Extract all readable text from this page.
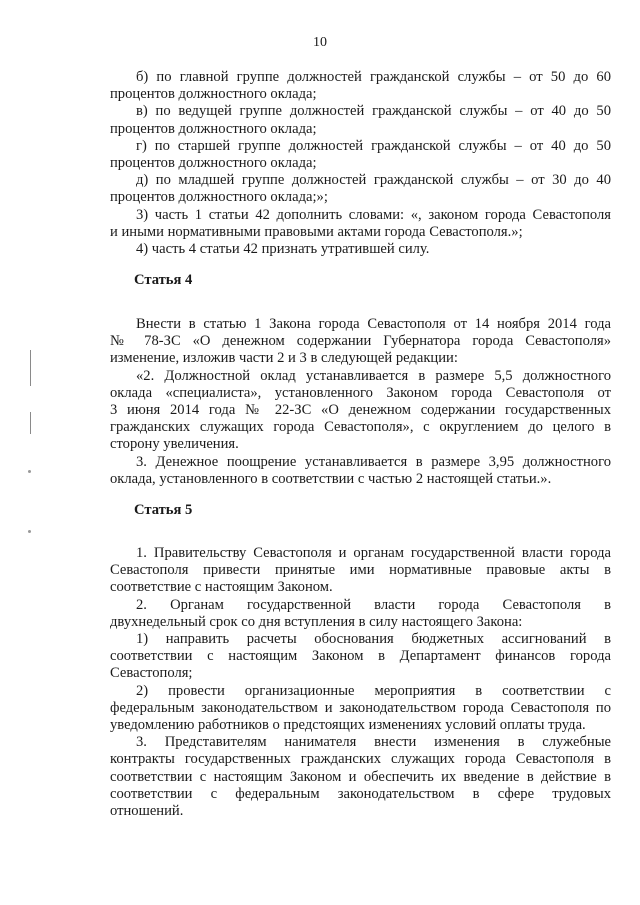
10
б) по главной группе должностей гражданской службы – от 50 до 60
процентов должностного оклада;
в) по ведущей группе должностей гражданской службы – от 40 до 50
процентов должностного оклада;
г) по старшей группе должностей гражданской службы – от 40 до 50
процентов должностного оклада;
д) по младшей группе должностей гражданской службы – от 30 до 40
процентов должностного оклада;»;
3) часть 1 статьи 42 дополнить словами: «, законом города Севастополя
и иными нормативными правовыми актами города Севастополя.»;
4) часть 4 статьи 42 признать утратившей силу.
Статья 4
Внести в статью 1 Закона города Севастополя от 14 ноября 2014 года
№ 78-ЗС «О денежном содержании Губернатора города Севастополя»
изменение, изложив части 2 и 3 в следующей редакции:
«2. Должностной оклад устанавливается в размере 5,5 должностного
оклада «специалиста», установленного Законом города Севастополя от
3 июня 2014 года № 22-ЗС «О денежном содержании государственных
гражданских служащих города Севастополя», с округлением до целого в
сторону увеличения.
3. Денежное поощрение устанавливается в размере 3,95 должностного
оклада, установленного в соответствии с частью 2 настоящей статьи.».
Статья 5
1. Правительству Севастополя и органам государственной власти города
Севастополя привести принятые ими нормативные правовые акты в
соответствие с настоящим Законом.
2. Органам государственной власти города Севастополя в
двухнедельный срок со дня вступления в силу настоящего Закона:
1) направить расчеты обоснования бюджетных ассигнований в
соответствии с настоящим Законом в Департамент финансов города
Севастополя;
2) провести организационные мероприятия в соответствии с
федеральным законодательством и законодательством города Севастополя по
уведомлению работников о предстоящих изменениях условий оплаты труда.
3. Представителям нанимателя внести изменения в служебные
контракты государственных гражданских служащих города Севастополя в
соответствии с настоящим Законом и обеспечить их введение в действие в
соответствии с федеральным законодательством в сфере трудовых
отношений.
